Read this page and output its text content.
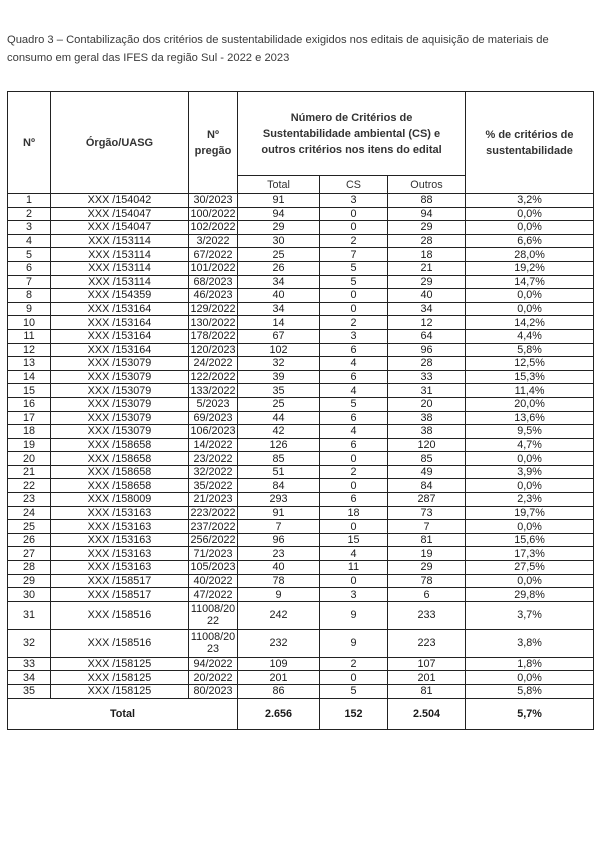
Quadro 3 – Contabilização dos critérios de sustentabilidade exigidos nos editais de aquisição de materiais de consumo em geral das IFES da região Sul - 2022 e 2023
Nº	Órgão/UASG	Nº pregão	Número de Critérios de Sustentabilidade ambiental (CS) e outros critérios nos itens do edital			% de critérios de sustentabilidade
			Total	CS	Outros	
1	XXX /154042	30/2023	91	3	88	3,2%
2	XXX /154047	100/2022	94	0	94	0,0%
3	XXX /154047	102/2022	29	0	29	0,0%
4	XXX /153114	3/2022	30	2	28	6,6%
5	XXX /153114	67/2022	25	7	18	28,0%
6	XXX /153114	101/2022	26	5	21	19,2%
7	XXX /153114	68/2023	34	5	29	14,7%
8	XXX /154359	46/2023	40	0	40	0,0%
9	XXX /153164	129/2022	34	0	34	0,0%
10	XXX /153164	130/2022	14	2	12	14,2%
11	XXX /153164	178/2022	67	3	64	4,4%
12	XXX /153164	120/2023	102	6	96	5,8%
13	XXX /153079	24/2022	32	4	28	12,5%
14	XXX /153079	122/2022	39	6	33	15,3%
15	XXX /153079	133/2022	35	4	31	11,4%
16	XXX /153079	5/2023	25	5	20	20,0%
17	XXX /153079	69/2023	44	6	38	13,6%
18	XXX /153079	106/2023	42	4	38	9,5%
19	XXX /158658	14/2022	126	6	120	4,7%
20	XXX /158658	23/2022	85	0	85	0,0%
21	XXX /158658	32/2022	51	2	49	3,9%
22	XXX /158658	35/2022	84	0	84	0,0%
23	XXX /158009	21/2023	293	6	287	2,3%
24	XXX /153163	223/2022	91	18	73	19,7%
25	XXX /153163	237/2022	7	0	7	0,0%
26	XXX /153163	256/2022	96	15	81	15,6%
27	XXX /153163	71/2023	23	4	19	17,3%
28	XXX /153163	105/2023	40	11	29	27,5%
29	XXX /158517	40/2022	78	0	78	0,0%
30	XXX /158517	47/2022	9	3	6	29,8%
31	XXX /158516	11008/2022	242	9	233	3,7%
32	XXX /158516	11008/2023	232	9	223	3,8%
33	XXX /158125	94/2022	109	2	107	1,8%
34	XXX /158125	20/2022	201	0	201	0,0%
35	XXX /158125	80/2023	86	5	81	5,8%
Total			2.656	152	2.504	5,7%
